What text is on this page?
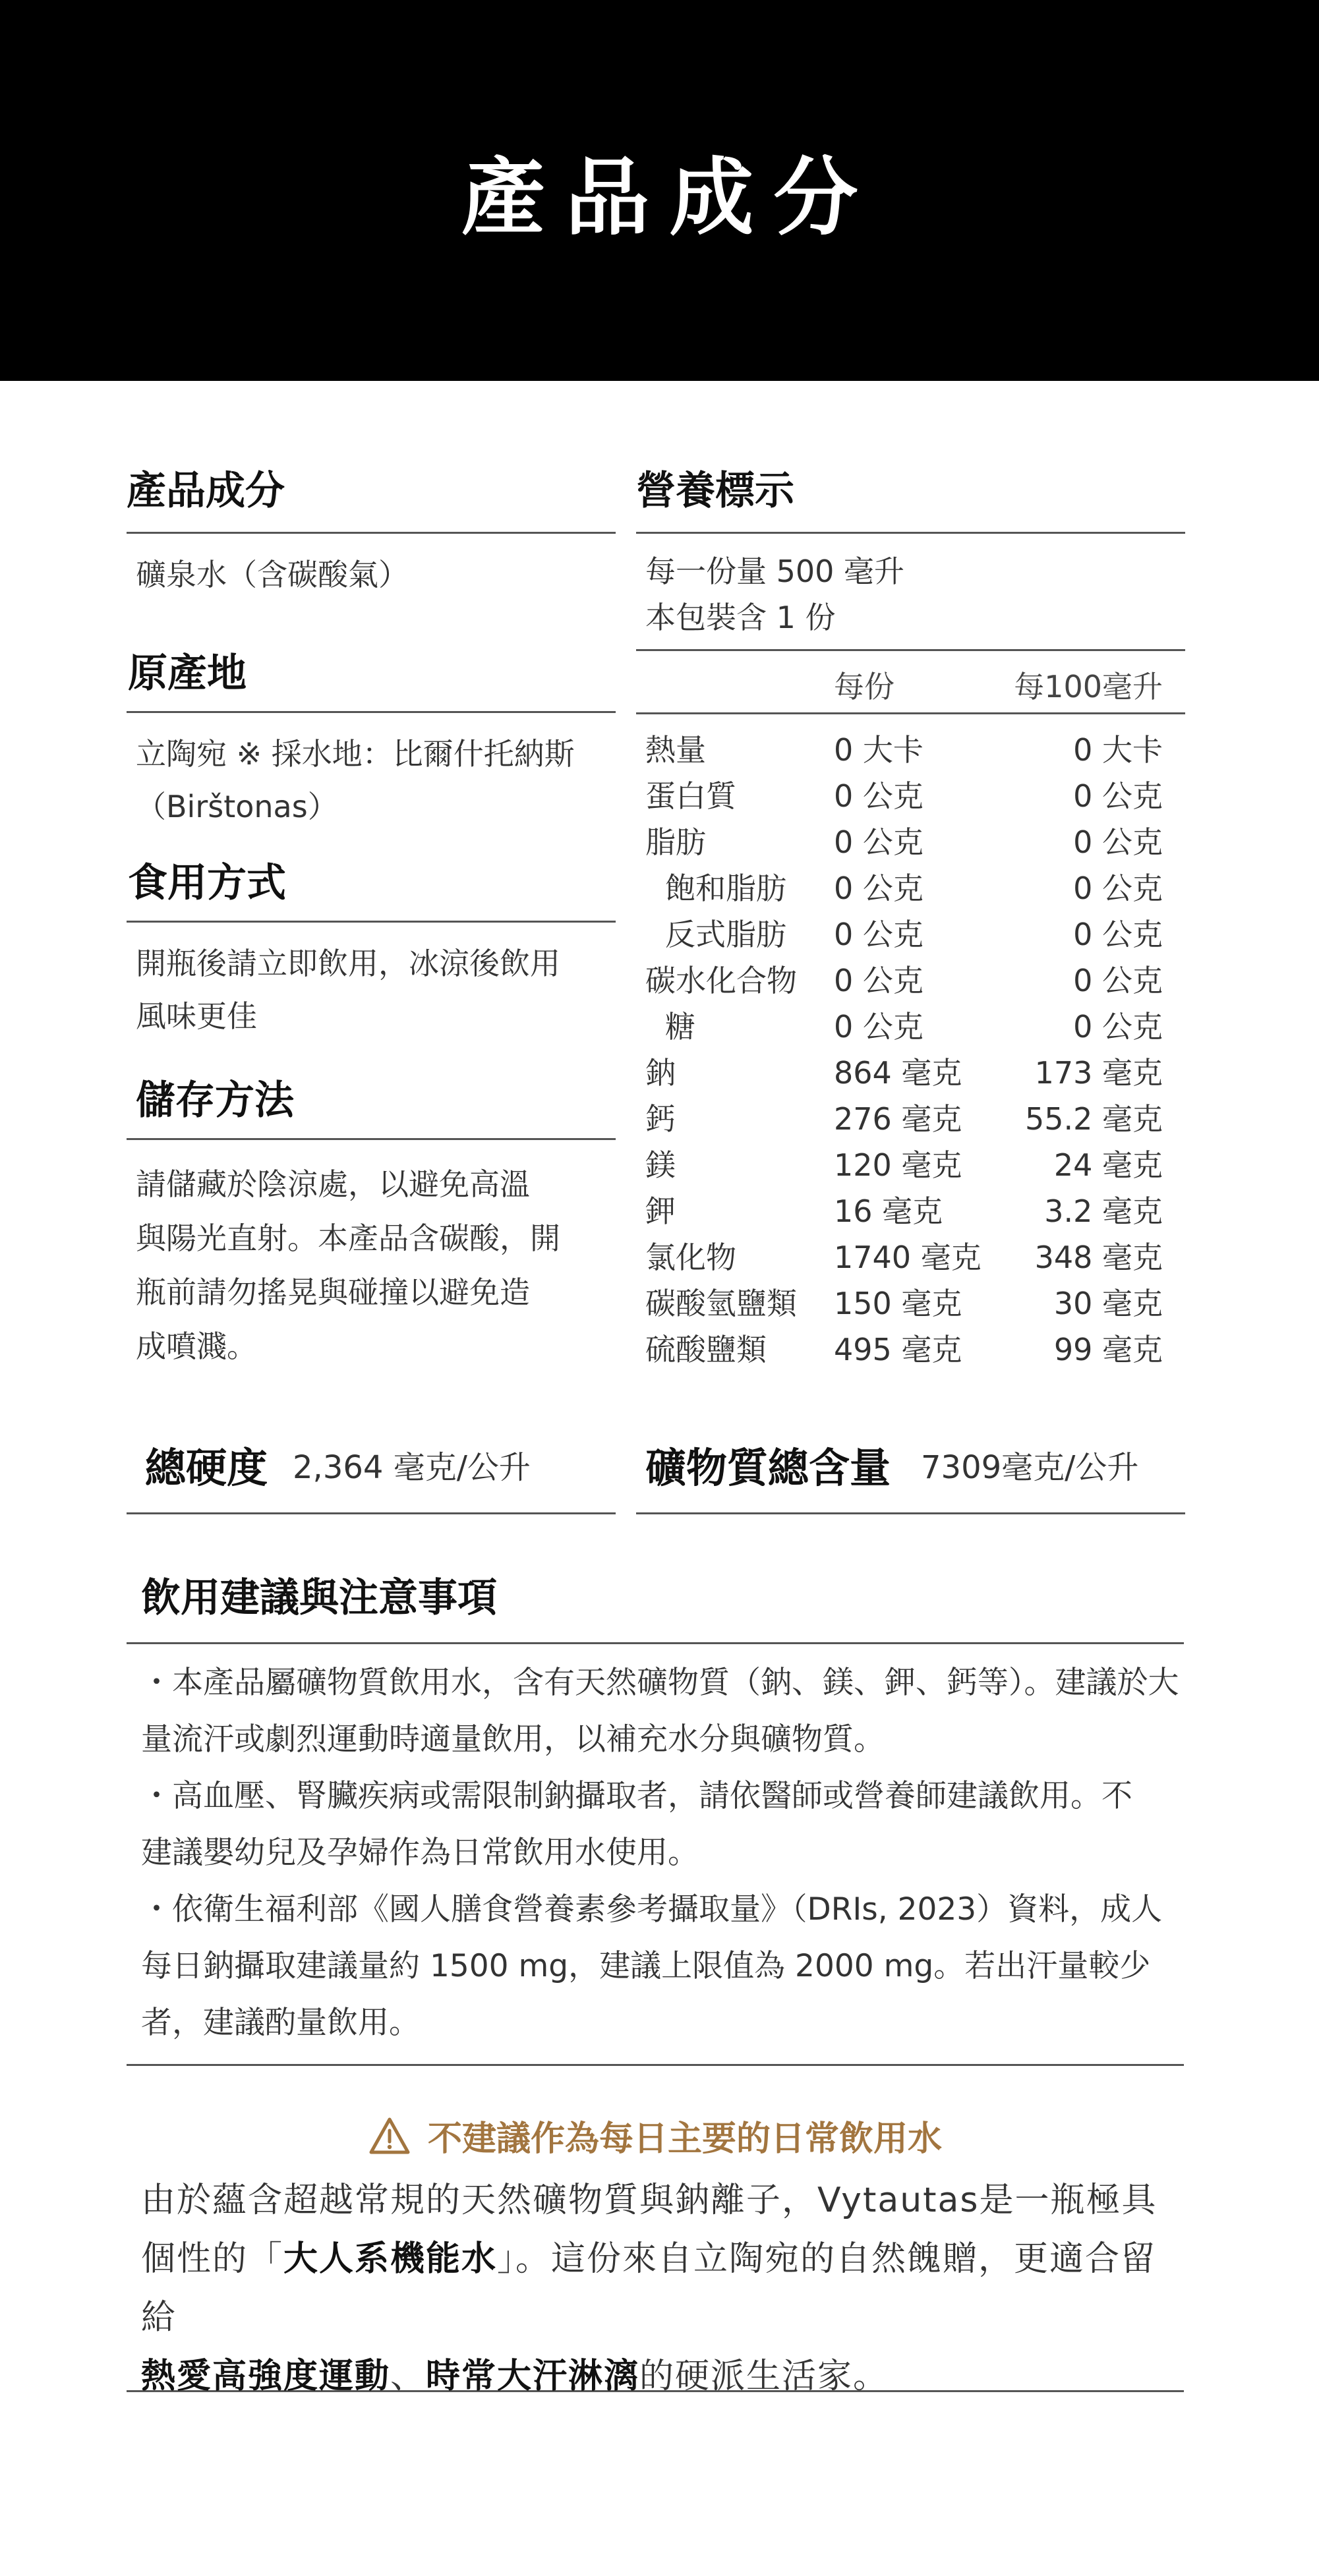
產品成分
產品成分
礦泉水（含碳酸氣）
原產地
立陶宛 ※ 採水地：比爾什托納斯
（Birštonas）
食用方式
開瓶後請立即飲用，冰涼後飲用
風味更佳
儲存方法
請儲藏於陰涼處，以避免高溫
與陽光直射。本產品含碳酸，開
瓶前請勿搖晃與碰撞以避免造
成噴濺。
營養標示
每一份量 500 毫升
本包裝含 1 份
每份	每100毫升
熱量	0 大卡	0 大卡
蛋白質	0 公克	0 公克
脂肪	0 公克	0 公克
飽和脂肪 0 公克	0 公克
反式脂肪 0 公克	0 公克
碳水化合物 0 公克	0 公克
糖	0 公克	0 公克
鈉	864 毫克 173 毫克
鈣	276 毫克 55.2 毫克
鎂	120 毫克	24 毫克
鉀	16 毫克	3.2 毫克
氯化物	1740 毫克 348 毫克
碳酸氫鹽類 150 毫克	30 毫克
硫酸鹽類 495 毫克	99 毫克
總硬度 2,364 毫克/公升	礦物質總含量 7309毫克/公升
飲用建議與注意事項
・本產品屬礦物質飲用水，含有天然礦物質（鈉、鎂、鉀、鈣等）。建議於大
量流汗或劇烈運動時適量飲用，以補充水分與礦物質。
・高血壓、腎臟疾病或需限制鈉攝取者，請依醫師或營養師建議飲用。不
建議嬰幼兒及孕婦作為日常飲用水使用。
・依衛生福利部《國人膳食營養素參考攝取量》（DRIs, 2023）資料，成人
每日鈉攝取建議量約 1500 mg，建議上限值為 2000 mg。若出汗量較少
者，建議酌量飲用。
不建議作為每日主要的日常飲用水
由於蘊含超越常規的天然礦物質與鈉離子，Vytautas是一瓶極具
個性的「大人系機能水」。這份來自立陶宛的自然餽贈，更適合留給
熱愛高強度運動、時常大汗淋漓的硬派生活家。
